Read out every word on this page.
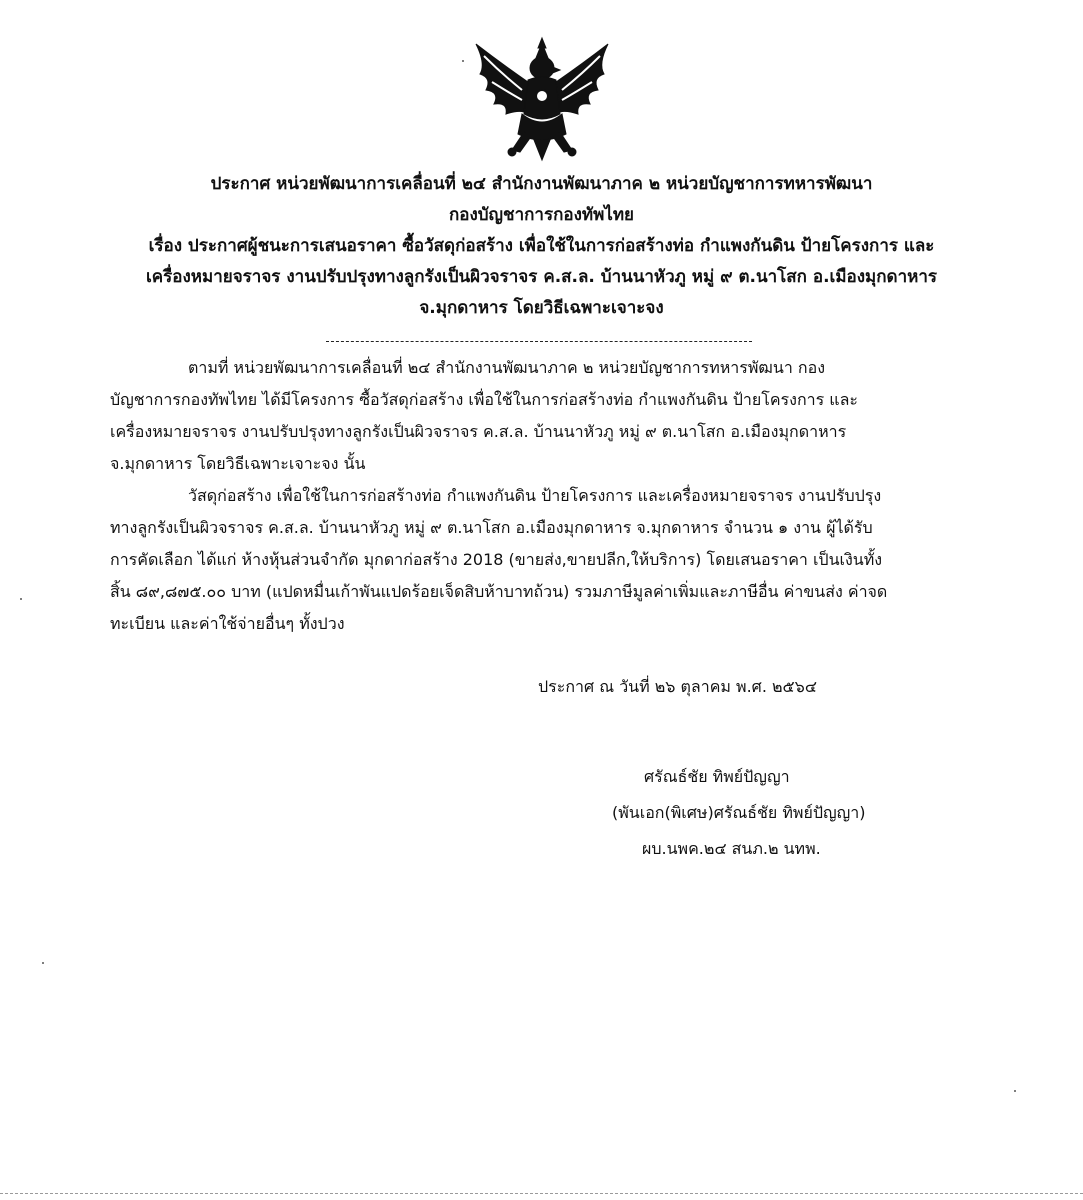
ประกาศ หน่วยพัฒนาการเคลื่อนที่ ๒๔ สำนักงานพัฒนาภาค ๒ หน่วยบัญชาการทหารพัฒนา
กองบัญชาการกองทัพไทย
เรื่อง ประกาศผู้ชนะการเสนอราคา ซื้อวัสดุก่อสร้าง เพื่อใช้ในการก่อสร้างท่อ กำแพงกันดิน ป้ายโครงการ และ
เครื่องหมายจราจร งานปรับปรุงทางลูกรังเป็นผิวจราจร ค.ส.ล. บ้านนาหัวภู หมู่ ๙ ต.นาโสก อ.เมืองมุกดาหาร
จ.มุกดาหาร โดยวิธีเฉพาะเจาะจง
ตามที่ หน่วยพัฒนาการเคลื่อนที่ ๒๔ สำนักงานพัฒนาภาค ๒ หน่วยบัญชาการทหารพัฒนา กอง
บัญชาการกองทัพไทย ได้มีโครงการ ซื้อวัสดุก่อสร้าง เพื่อใช้ในการก่อสร้างท่อ กำแพงกันดิน ป้ายโครงการ และ
เครื่องหมายจราจร งานปรับปรุงทางลูกรังเป็นผิวจราจร ค.ส.ล. บ้านนาหัวภู หมู่ ๙ ต.นาโสก อ.เมืองมุกดาหาร
จ.มุกดาหาร โดยวิธีเฉพาะเจาะจง นั้น
วัสดุก่อสร้าง เพื่อใช้ในการก่อสร้างท่อ กำแพงกันดิน ป้ายโครงการ และเครื่องหมายจราจร งานปรับปรุง
ทางลูกรังเป็นผิวจราจร ค.ส.ล. บ้านนาหัวภู หมู่ ๙ ต.นาโสก อ.เมืองมุกดาหาร จ.มุกดาหาร จำนวน ๑ งาน ผู้ได้รับ
การคัดเลือก ได้แก่ ห้างหุ้นส่วนจำกัด มุกดาก่อสร้าง 2018 (ขายส่ง,ขายปลีก,ให้บริการ) โดยเสนอราคา เป็นเงินทั้ง
สิ้น ๘๙,๘๗๕.๐๐ บาท (แปดหมื่นเก้าพันแปดร้อยเจ็ดสิบห้าบาทถ้วน) รวมภาษีมูลค่าเพิ่มและภาษีอื่น ค่าขนส่ง ค่าจด
ทะเบียน และค่าใช้จ่ายอื่นๆ ทั้งปวง
ประกาศ ณ วันที่ ๒๖ ตุลาคม พ.ศ. ๒๕๖๔
ศรัณธ์ชัย ทิพย์ปัญญา
(พันเอก(พิเศษ)ศรัณธ์ชัย ทิพย์ปัญญา)
ผบ.นพค.๒๔ สนภ.๒ นทพ.
